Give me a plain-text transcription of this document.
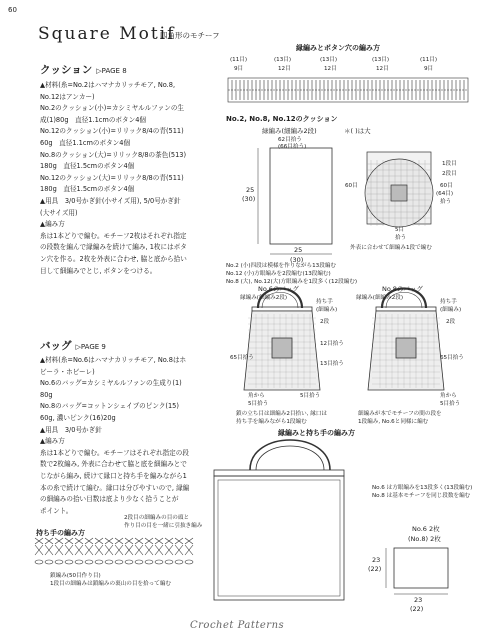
60
Square Motif
四角形のモチーフ
クッション ▷PAGE 8
▲材料(糸=No.2はハマナカリッチモア, No.8,
No.12はアンカー)
No.2のクッション(小)=カシミヤルルファンの生
成(1)80g　直径1.1cmのボタン4個
No.12のクッション(小)=リリック8/4の青(511)
60g　直径1.1cmのボタン4個
No.8のクッション(大)=リリック8/8の茶色(513)
180g　直径1.5cmのボタン4個
No.12のクッション(大)=リリック8/8の青(511)
180g　直径1.5cmのボタン4個
▲用具　3/0号かぎ針(小サイズ用), 5/0号かぎ針
(大サイズ用)
▲編み方
糸は1本どりで編む。モチーフ2枚はそれぞれ指定
の段数を編んで縁編みを続けて編み, 1枚にはボタ
ン穴を作る。2枚を外表に合わせ, 脇と底から拾い
目して細編みでとじ, ボタンをつける。
バッグ ▷PAGE 9
▲材料(糸=No.6はハマナカリッチモア, No.8はホ
ビーラ・ホビーレ)
No.6のバッグ=カシミヤルルファンの生成り(1)
80g
No.8のバッグ=コットンシェイプのピンク(15)
60g, 濃いピンク(16)20g
▲用具　3/0号かぎ針
▲編み方
糸は1本どりで編む。モチーフはそれぞれ指定の段
数で2枚編み, 外表に合わせて脇と底を細編みとで
じながら編み, 続けて縁口と持ち手を編みながら1
本の糸で続けて編む。縁口は分びやすいので, 縁編
の細編みの拾い目数は底より少なく拾うことが
ポイント。
縁編みとボタン穴の編み方
No.2, No.8, No.12のクッション
緑編み(細編み2段)	＊( )は大
62目拾う
(66目拾う)
25
(30)
25
(30)
1段目
2段目
60目
(64目)
拾う
60目
5目
拾う
外表に合わせて細編み1段で編む
No.2 (小)四段は模様を作りながら13段編む
No.12 (小)方眼編みを2段編む(13段編む)
No.8 (大), No.12(大)方眼編みを1段多く(12段編む)
No.6のバッグ
縁編み(細編み2段)
持ち手
(細編み)
2段
65目拾う
12目拾う
13目拾う
角から
5目拾う
5目拾う
鎖の立ち目は細編み2目拾い, 縁口は
持ち手を編みながら1段編む
No.8のバッグ
縁編み(細編み2段)
持ち手
(細編み)
2段
65目拾う
角から
5目拾う
細編みが本でモチーフの間の段を
1段編み, No.6と同様に編む
縁編みと持ち手の編み方
No.6 は方眼編みを13段多く(13段編む)
No.8 は基本モチーフを同じ段数を編む
No.6 2枚
(No.8) 2枚
23
(22)
23
(22)
2段目の細編みの目の頭と
作り目の目を一緒に引抜き編み
持ち手の編み方
鎖編み(50目作り目)
1段目の細編みは鎖編みの裏山の目を拾って編む
Crochet Patterns
(11目)	(13目)	(13目)	(13目)	(11目)
9目	12目	12目	12目	9目
